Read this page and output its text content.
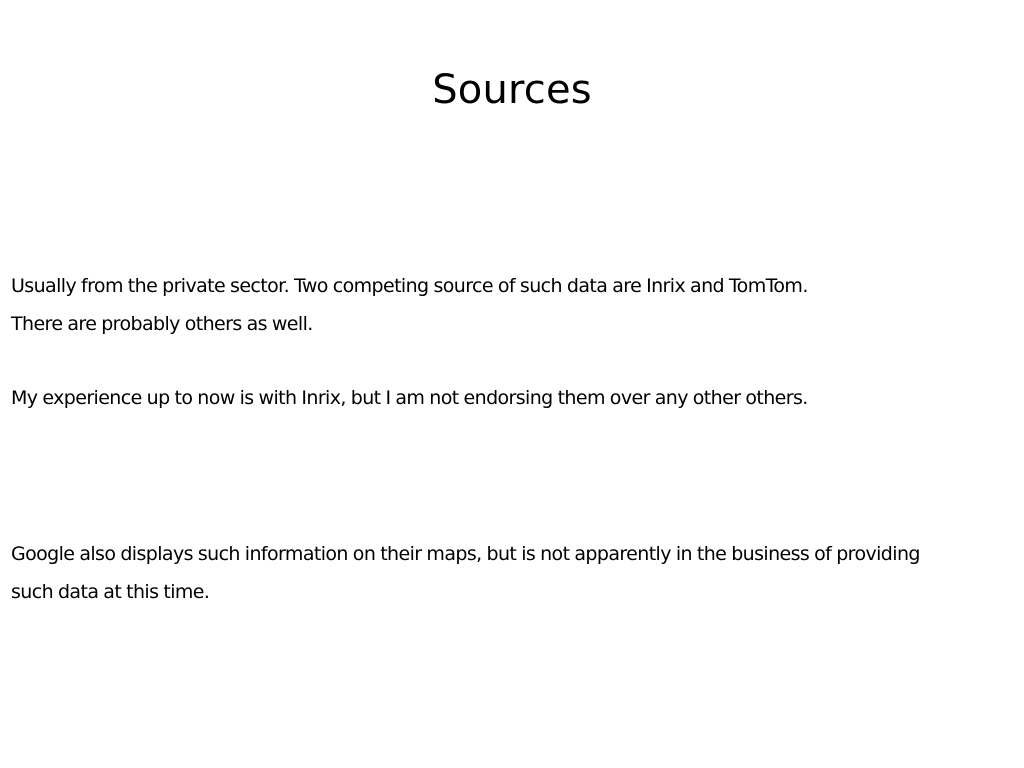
Sources

Usually from the private sector. Two competing source of such data are Inrix and TomTom.
There are probably others as well.

My experience up to now is with Inrix, but I am not endorsing them over any other others.

Google also displays such information on their maps, but is not apparently in the business of providing
such data at this time.
